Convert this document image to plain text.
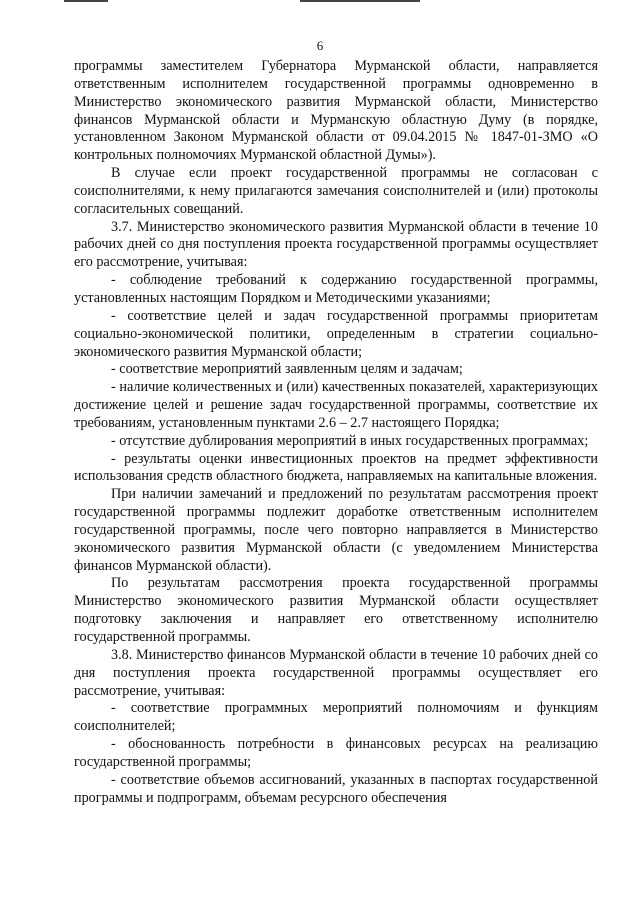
6

программы заместителем Губернатора Мурманской области, направляется ответственным исполнителем государственной программы одновременно в Министерство экономического развития Мурманской области, Министерство финансов Мурманской области и Мурманскую областную Думу (в порядке, установленном Законом Мурманской области от 09.04.2015 № 1847-01-ЗМО «О контрольных полномочиях Мурманской областной Думы»).

В случае если проект государственной программы не согласован с соисполнителями, к нему прилагаются замечания соисполнителей и (или) протоколы согласительных совещаний.

3.7. Министерство экономического развития Мурманской области в течение 10 рабочих дней со дня поступления проекта государственной программы осуществляет его рассмотрение, учитывая:

- соблюдение требований к содержанию государственной программы, установленных настоящим Порядком и Методическими указаниями;

- соответствие целей и задач государственной программы приоритетам социально-экономической политики, определенным в стратегии социально-экономического развития Мурманской области;

- соответствие мероприятий заявленным целям и задачам;

- наличие количественных и (или) качественных показателей, характеризующих достижение целей и решение задач государственной программы, соответствие их требованиям, установленным пунктами 2.6 – 2.7 настоящего Порядка;

- отсутствие дублирования мероприятий в иных государственных программах;

- результаты оценки инвестиционных проектов на предмет эффективности использования средств областного бюджета, направляемых на капитальные вложения.

При наличии замечаний и предложений по результатам рассмотрения проект государственной программы подлежит доработке ответственным исполнителем государственной программы, после чего повторно направляется в Министерство экономического развития Мурманской области (с уведомлением Министерства финансов Мурманской области).

По результатам рассмотрения проекта государственной программы Министерство экономического развития Мурманской области осуществляет подготовку заключения и направляет его ответственному исполнителю государственной программы.

3.8. Министерство финансов Мурманской области в течение 10 рабочих дней со дня поступления проекта государственной программы осуществляет его рассмотрение, учитывая:

- соответствие программных мероприятий полномочиям и функциям соисполнителей;

- обоснованность потребности в финансовых ресурсах на реализацию государственной программы;

- соответствие объемов ассигнований, указанных в паспортах государственной программы и подпрограмм, объемам ресурсного обеспечения
